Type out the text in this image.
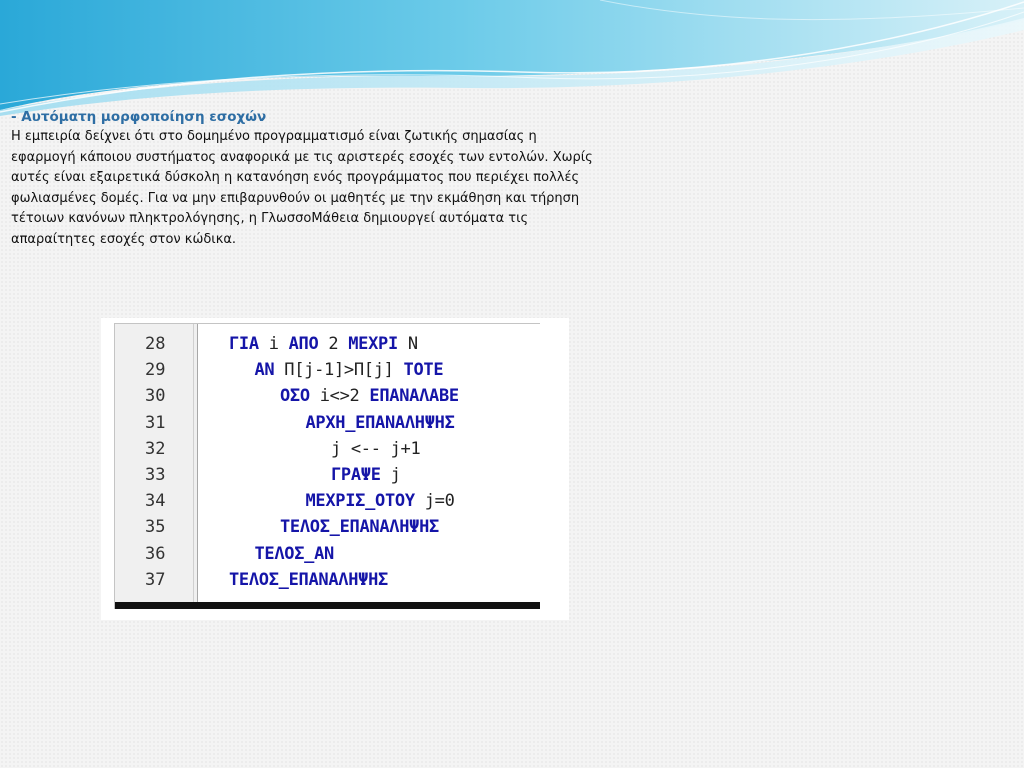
- Αυτόματη μορφοποίηση εσοχών

Η εμπειρία δείχνει ότι στο δομημένο προγραμματισμό είναι ζωτικής σημασίας η
εφαρμογή κάποιου συστήματος αναφορικά με τις αριστερές εσοχές των εντολών. Χωρίς
αυτές είναι εξαιρετικά δύσκολη η κατανόηση ενός προγράμματος που περιέχει πολλές
φωλιασμένες δομές. Για να μην επιβαρυνθούν οι μαθητές με την εκμάθηση και τήρηση
τέτοιων κανόνων πληκτρολόγησης, η ΓλωσσοΜάθεια δημιουργεί αυτόματα τις
απαραίτητες εσοχές στον κώδικα.

28
29
30
31
32
33
34
35
36
37
ΓΙΑ i ΑΠΟ 2 ΜΕΧΡΙ N
ΑΝ Π[j-1]>Π[j] ΤΟΤΕ
ΟΣΟ i<>2 ΕΠΑΝΑΛΑΒΕ
ΑΡΧΗ_ΕΠΑΝΑΛΗΨΗΣ
j <-- j+1
ΓΡΑΨΕ j
ΜΕΧΡΙΣ_ΟΤΟΥ j=0
ΤΕΛΟΣ_ΕΠΑΝΑΛΗΨΗΣ
ΤΕΛΟΣ_ΑΝ
ΤΕΛΟΣ_ΕΠΑΝΑΛΗΨΗΣ
